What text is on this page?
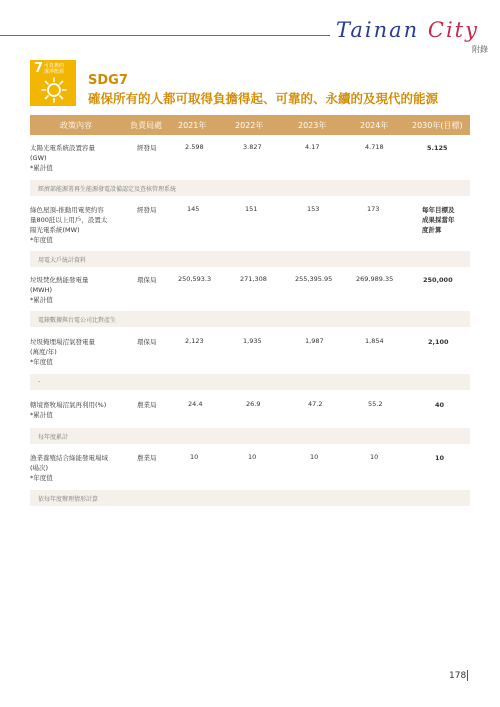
Tainan City
附錄
7 可負擔的
潔淨能源
SDG7
確保所有的人都可取得負擔得起、可靠的、永續的及現代的能源
政策內容	負責局處 2021年	2022年	2023年	2024年	2030年(目標)
太陽光電系統設置容量
(GW)
*累計值
經發局	2.598	3.827	4.17	4.718	5.125
經濟部能源署再生能源發電設備認定及查核管理系統
綠色屋頂-推動用電契約容
量800瓩以上用戶，設置太
陽光電系統(MW)
*年度值
經發局	145	151	153	173	每年目標及
成果採當年
度計算
用電大戶統計資料
垃圾焚化熱能發電量
(MWH)
*累計值
環保局	250,593.3	271,308	255,395.95	269,989.35	250,000
電錶數據與台電公司比對產生
垃圾掩埋場沼氣發電量
(萬度/年)
*年度值
環保局	2,123	1,935	1,987	1,854	2,100
-
轄境畜牧場沼氣再利用(%)
*累計值
農業局	24.4	26.9	47.2	55.2	40
每年度累計
漁業養殖結合綠能發電場域
(場次)
*年度值
農業局	10	10	10	10	10
依每年度辦理情形計算
178
